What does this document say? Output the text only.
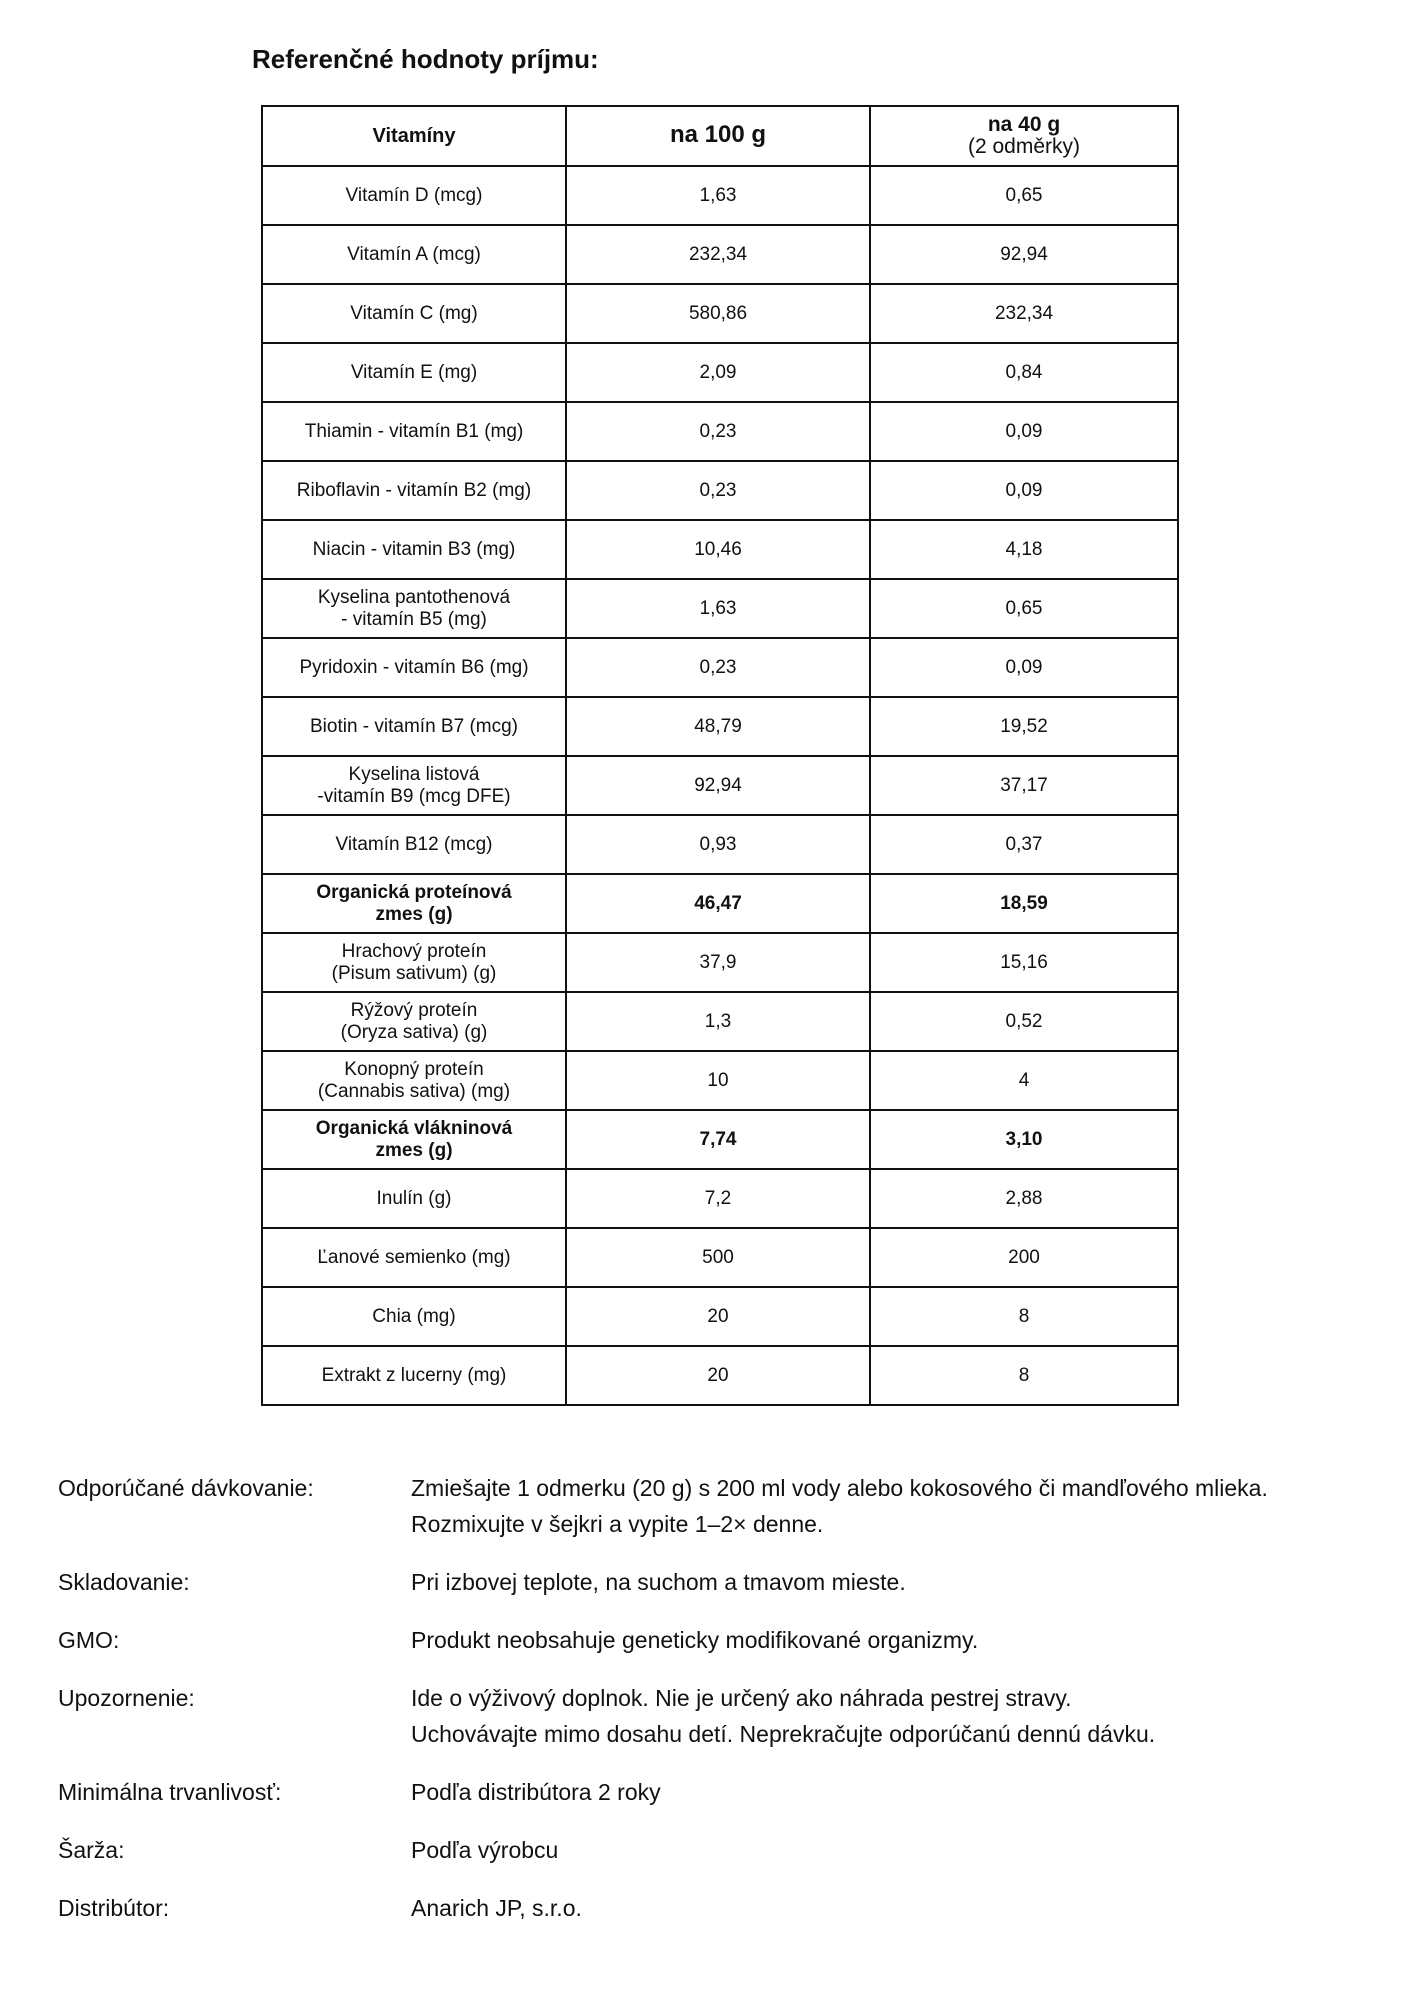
Referenčné hodnoty príjmu:
Vitamíny	na 100 g	na 40 g
(2 odměrky)

Vitamín D (mcg)	1,63	0,65

Vitamín A (mcg)	232,34	92,94

Vitamín C (mg)	580,86	232,34

Vitamín E (mg)	2,09	0,84

Thiamin - vitamín B1 (mg)	0,23	0,09

Riboflavin - vitamín B2 (mg)	0,23	0,09

Niacin - vitamin B3 (mg)	10,46	4,18

Kyselina pantothenová
- vitamín B5 (mg)	1,63	0,65

Pyridoxin - vitamín B6 (mg)	0,23	0,09

Biotin - vitamín B7 (mcg)	48,79	19,52

Kyselina listová
-vitamín B9 (mcg DFE)	92,94	37,17

Vitamín B12 (mcg)	0,93	0,37

Organická proteínová
zmes (g)	46,47	18,59

Hrachový proteín
(Pisum sativum) (g)	37,9	15,16

Rýžový proteín
(Oryza sativa) (g)	1,3	0,52

Konopný proteín
(Cannabis sativa) (mg)	10	4

Organická vlákninová
zmes (g)	7,74	3,10

Inulín (g)	7,2	2,88

Ľanové semienko (mg)	500	200

Chia (mg)	20	8

Extrakt z lucerny (mg)	20	8
Odporúčané dávkovanie:	Zmiešajte 1 odmerku (20 g) s 200 ml vody alebo kokosového či mandľového mlieka.
Rozmixujte v šejkri a vypite 1–2× denne.
Skladovanie:	Pri izbovej teplote, na suchom a tmavom mieste.
GMO:	Produkt neobsahuje geneticky modifikované organizmy.
Upozornenie:	Ide o výživový doplnok. Nie je určený ako náhrada pestrej stravy.
Uchovávajte mimo dosahu detí. Neprekračujte odporúčanú dennú dávku.
Minimálna trvanlivosť:	Podľa distribútora 2 roky
Šarža:	Podľa výrobcu
Distribútor:	Anarich JP, s.r.o.
